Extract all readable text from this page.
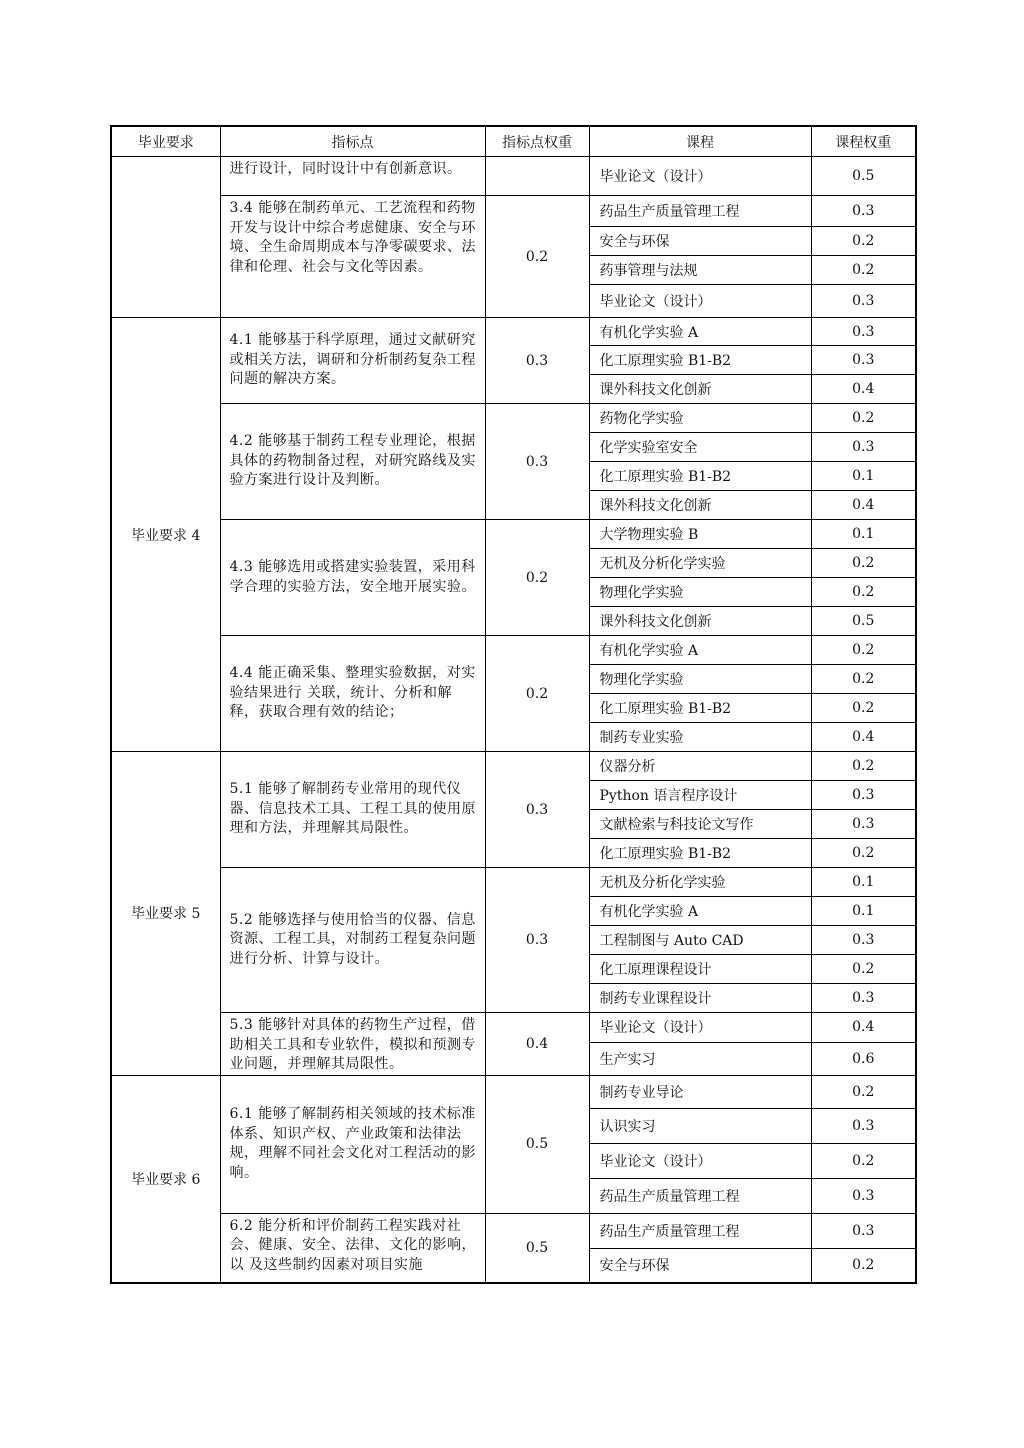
毕业要求	指标点	指标点权重	课程	课程权重
	进行设计，同时设计中有创新意识。		毕业论文（设计）	0.5
	3.4 能够在制药单元、工艺流程和药物开发与设计中综合考虑健康、安全与环境、全生命周期成本与净零碳要求、法律和伦理、社会与文化等因素。	0.2	药品生产质量管理工程	0.3
			安全与环保	0.2
			药事管理与法规	0.2
			毕业论文（设计）	0.3
毕业要求 4	4.1 能够基于科学原理，通过文献研究或相关方法，调研和分析制药复杂工程问题的解决方案。	0.3	有机化学实验 A	0.3
			化工原理实验 B1-B2	0.3
			课外科技文化创新	0.4
	4.2 能够基于制药工程专业理论，根据具体的药物制备过程，对研究路线及实验方案进行设计及判断。	0.3	药物化学实验	0.2
			化学实验室安全	0.3
			化工原理实验 B1-B2	0.1
			课外科技文化创新	0.4
	4.3 能够选用或搭建实验装置，采用科学合理的实验方法，安全地开展实验。	0.2	大学物理实验 B	0.1
			无机及分析化学实验	0.2
			物理化学实验	0.2
			课外科技文化创新	0.5
	4.4 能正确采集、整理实验数据，对实验结果进行 关联，统计、分析和解释，获取合理有效的结论；	0.2	有机化学实验 A	0.2
			物理化学实验	0.2
			化工原理实验 B1-B2	0.2
			制药专业实验	0.4
毕业要求 5	5.1 能够了解制药专业常用的现代仪器、信息技术工具、工程工具的使用原理和方法，并理解其局限性。	0.3	仪器分析	0.2
			Python 语言程序设计	0.3
			文献检索与科技论文写作	0.3
			化工原理实验 B1-B2	0.2
	5.2 能够选择与使用恰当的仪器、信息资源、工程工具，对制药工程复杂问题进行分析、计算与设计。	0.3	无机及分析化学实验	0.1
			有机化学实验 A	0.1
			工程制图与 Auto CAD	0.3
			化工原理课程设计	0.2
			制药专业课程设计	0.3
	5.3 能够针对具体的药物生产过程，借助相关工具和专业软件，模拟和预测专业问题，并理解其局限性。	0.4	毕业论文（设计）	0.4
			生产实习	0.6
毕业要求 6	6.1 能够了解制药相关领域的技术标准体系、知识产权、产业政策和法律法规，理解不同社会文化对工程活动的影响。	0.5	制药专业导论	0.2
			认识实习	0.3
			毕业论文（设计）	0.2
			药品生产质量管理工程	0.3
	6.2 能分析和评价制药工程实践对社会、健康、安全、法律、文化的影响，以 及这些制约因素对项目实施	0.5	药品生产质量管理工程	0.3
			安全与环保	0.2
